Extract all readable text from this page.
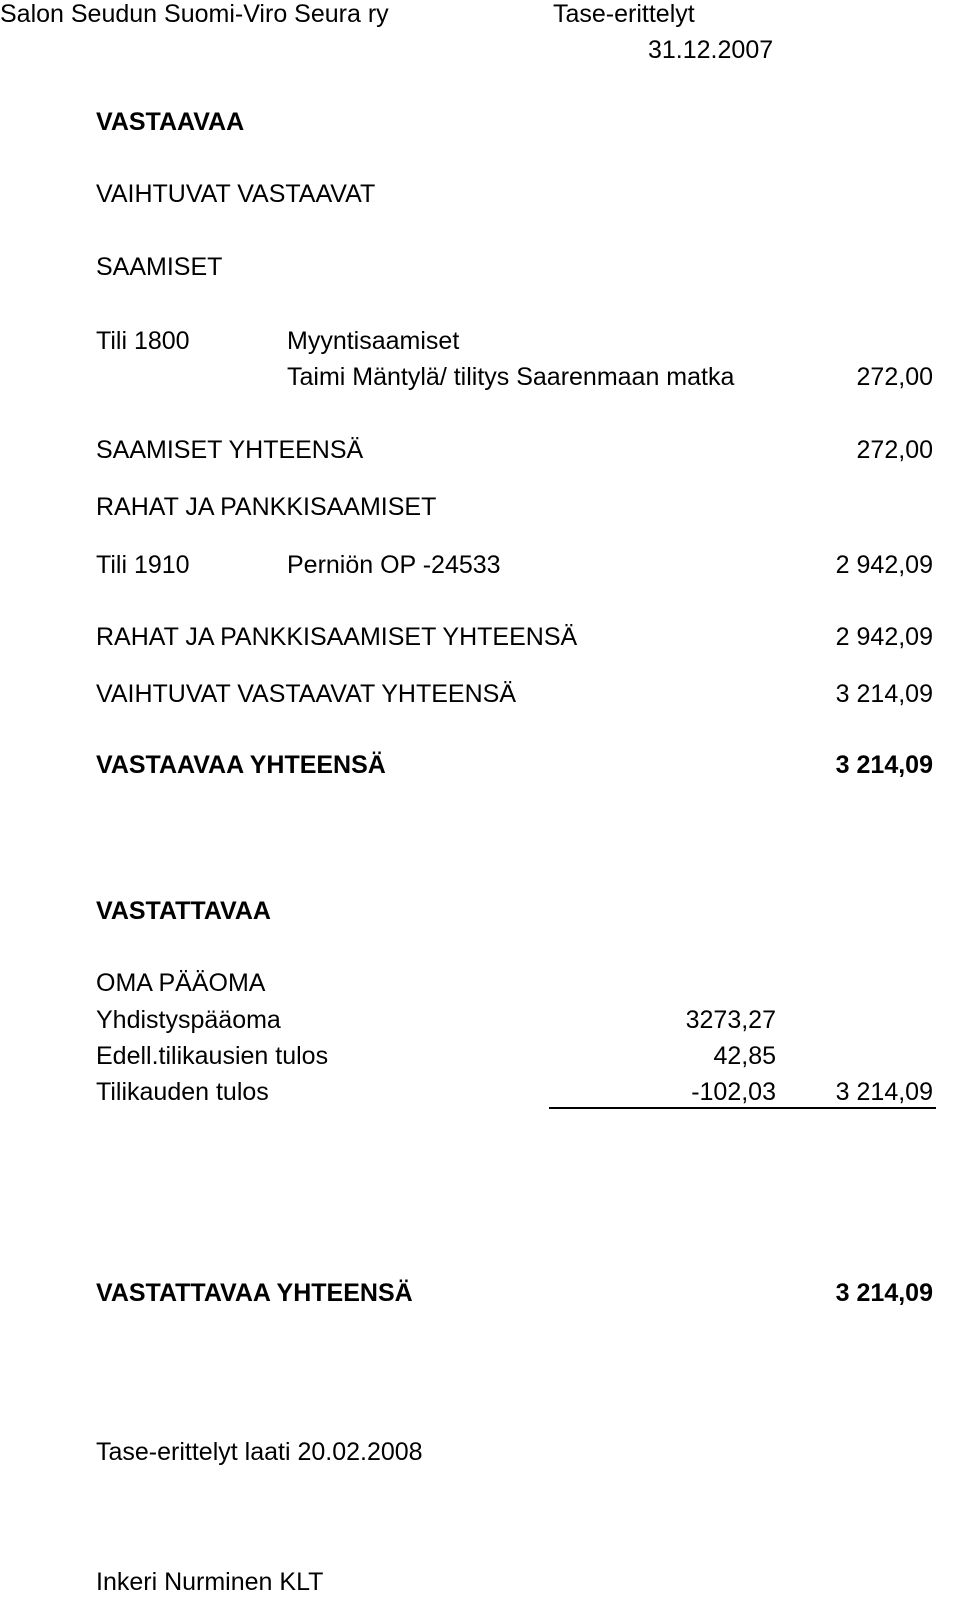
Salon Seudun Suomi-Viro Seura ry	Tase-erittelyt
31.12.2007
VASTAAVAA
VAIHTUVAT VASTAAVAT
SAAMISET
Tili 1800	Myyntisaamiset
Taimi Mäntylä/ tilitys Saarenmaan matka	272,00
SAAMISET YHTEENSÄ	272,00
RAHAT JA PANKKISAAMISET
Tili 1910	Perniön OP -24533	2 942,09
RAHAT JA PANKKISAAMISET YHTEENSÄ	2 942,09
VAIHTUVAT VASTAAVAT YHTEENSÄ	3 214,09
VASTAAVAA YHTEENSÄ	3 214,09
VASTATTAVAA
OMA PÄÄOMA
Yhdistyspääoma	3273,27
Edell.tilikausien tulos	42,85
Tilikauden tulos	-102,03 3 214,09
VASTATTAVAA YHTEENSÄ	3 214,09
Tase-erittelyt laati 20.02.2008
Inkeri Nurminen KLT
